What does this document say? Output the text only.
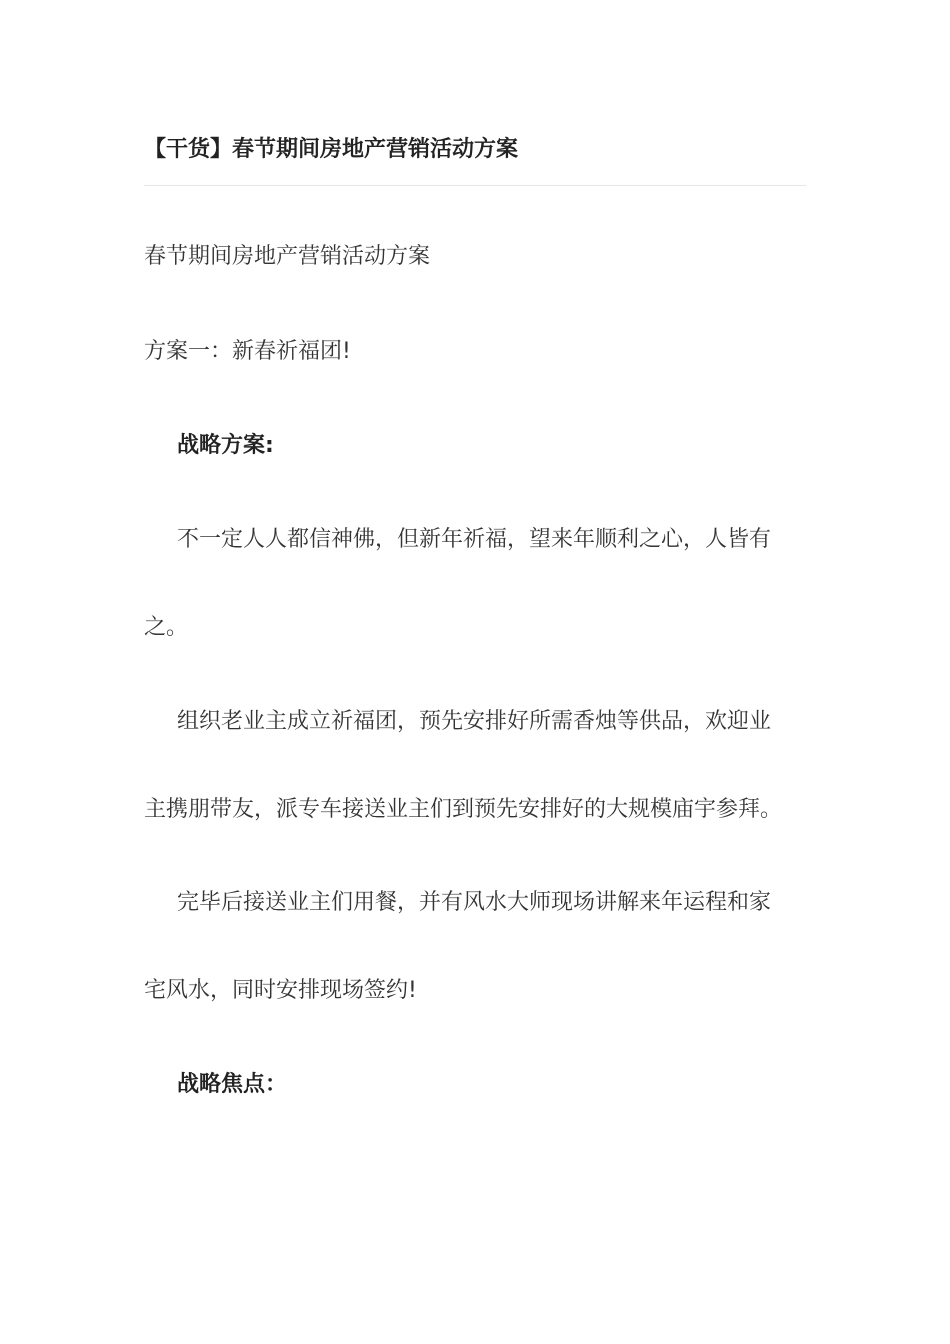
【干货】春节期间房地产营销活动方案
春节期间房地产营销活动方案
方案一：新春祈福团!
战略方案:
不一定人人都信神佛，但新年祈福，望来年顺利之心，人皆有
之。
组织老业主成立祈福团，预先安排好所需香烛等供品，欢迎业
主携朋带友，派专车接送业主们到预先安排好的大规模庙宇参拜。
完毕后接送业主们用餐，并有风水大师现场讲解来年运程和家
宅风水，同时安排现场签约!
战略焦点：
